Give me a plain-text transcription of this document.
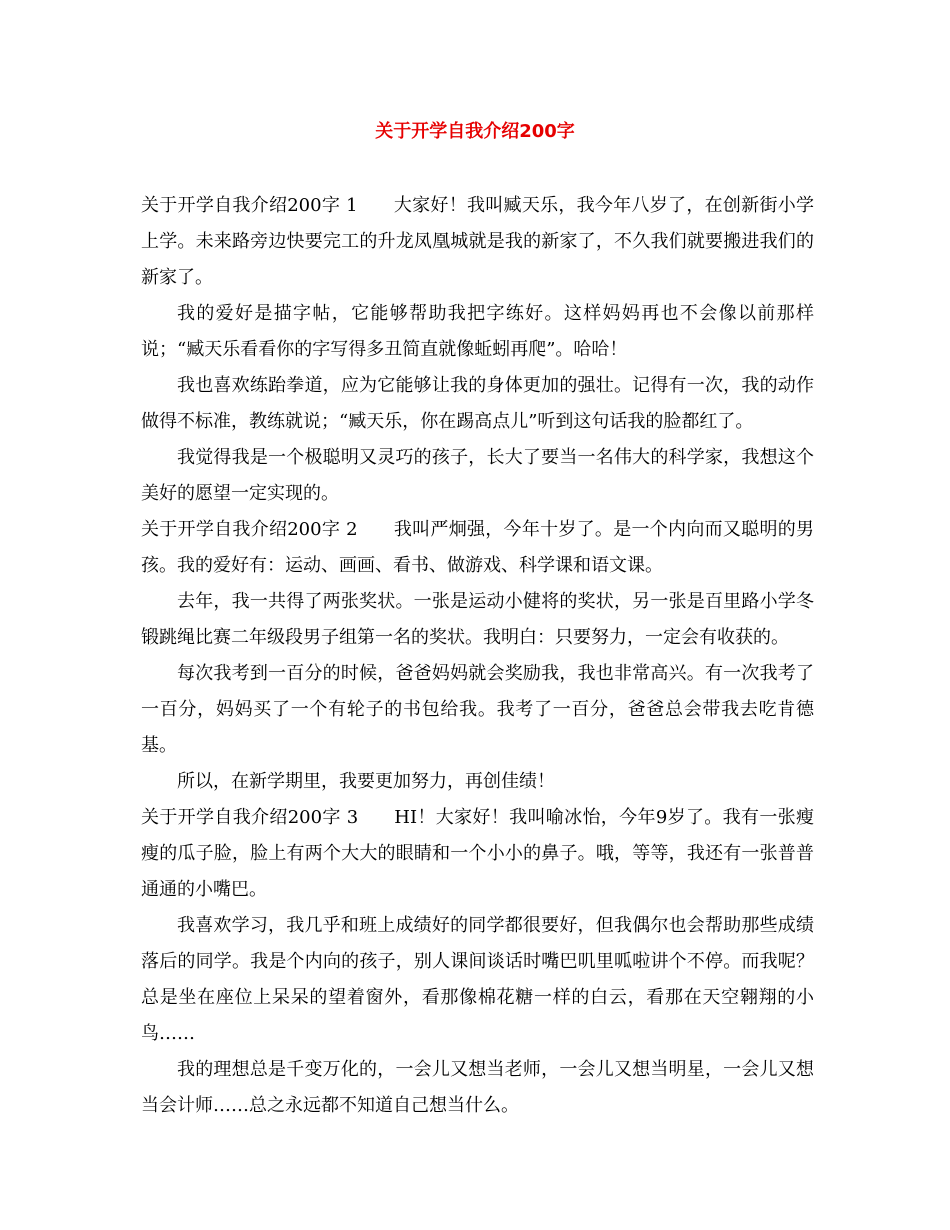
关于开学自我介绍200字

关于开学自我介绍200字 1 大家好！我叫臧天乐，我今年八岁了，在创新街小学上学。未来路旁边快要完工的升龙凤凰城就是我的新家了，不久我们就要搬进我们的新家了。

我的爱好是描字帖，它能够帮助我把字练好。这样妈妈再也不会像以前那样说；“臧天乐看看你的字写得多丑简直就像蚯蚓再爬”。哈哈！

我也喜欢练跆拳道，应为它能够让我的身体更加的强壮。记得有一次，我的动作做得不标准，教练就说；“臧天乐，你在踢高点儿”听到这句话我的脸都红了。

我觉得我是一个极聪明又灵巧的孩子，长大了要当一名伟大的科学家，我想这个美好的愿望一定实现的。

关于开学自我介绍200字 2 我叫严炯强，今年十岁了。是一个内向而又聪明的男孩。我的爱好有：运动、画画、看书、做游戏、科学课和语文课。

去年，我一共得了两张奖状。一张是运动小健将的奖状，另一张是百里路小学冬锻跳绳比赛二年级段男子组第一名的奖状。我明白：只要努力，一定会有收获的。

每次我考到一百分的时候，爸爸妈妈就会奖励我，我也非常高兴。有一次我考了一百分，妈妈买了一个有轮子的书包给我。我考了一百分，爸爸总会带我去吃肯德基。

所以，在新学期里，我要更加努力，再创佳绩！

关于开学自我介绍200字 3 HI！大家好！我叫喻冰怡，今年9岁了。我有一张瘦瘦的瓜子脸，脸上有两个大大的眼睛和一个小小的鼻子。哦，等等，我还有一张普普通通的小嘴巴。

我喜欢学习，我几乎和班上成绩好的同学都很要好，但我偶尔也会帮助那些成绩落后的同学。我是个内向的孩子，别人课间谈话时嘴巴叽里呱啦讲个不停。而我呢？总是坐在座位上呆呆的望着窗外，看那像棉花糖一样的白云，看那在天空翱翔的小鸟……

我的理想总是千变万化的，一会儿又想当老师，一会儿又想当明星，一会儿又想当会计师……总之永远都不知道自己想当什么。
